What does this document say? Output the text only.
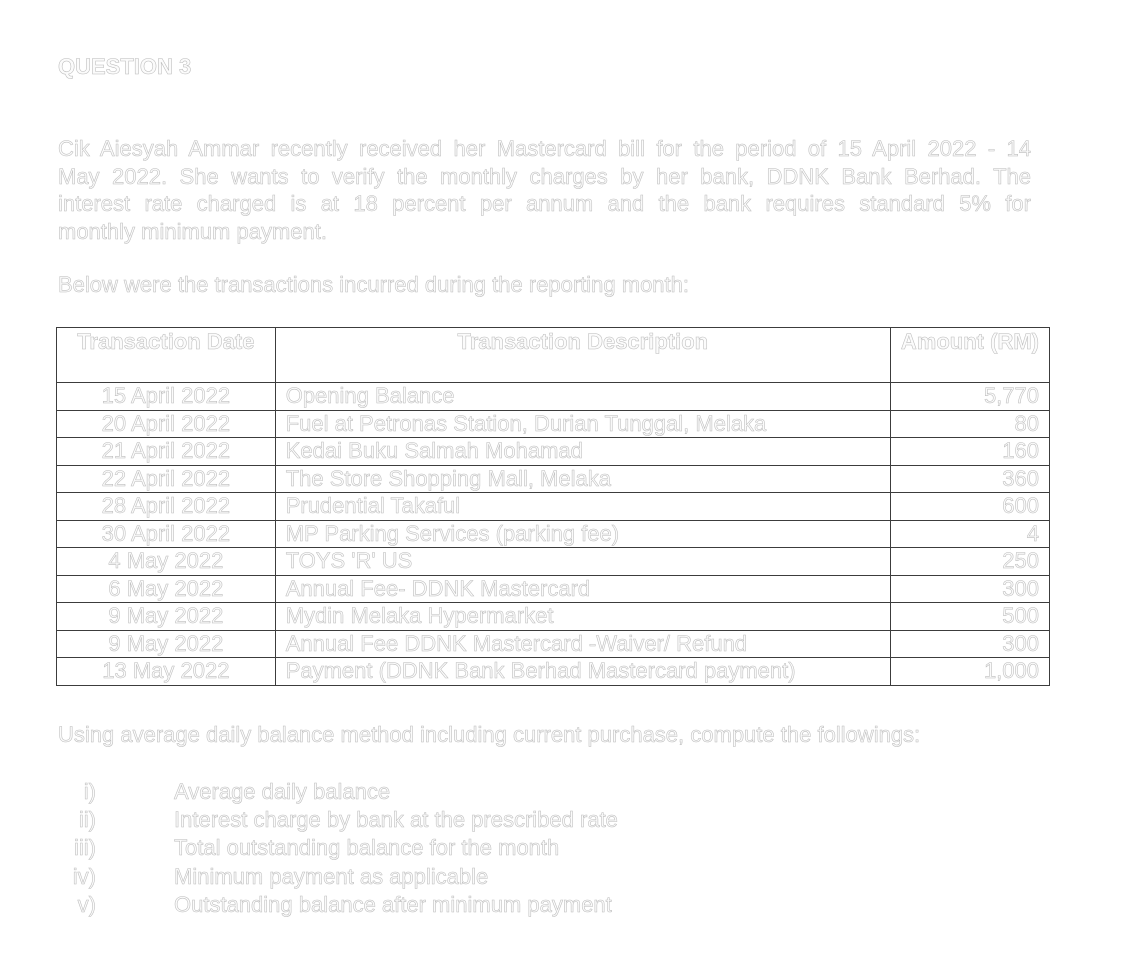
QUESTION 3

Cik Aiesyah Ammar recently received her Mastercard bill for the period of 15 April 2022 - 14
May 2022. She wants to verify the monthly charges by her bank, DDNK Bank Berhad. The
interest rate charged is at 18 percent per annum and the bank requires standard 5% for
monthly minimum payment.

Below were the transactions incurred during the reporting month:
Transaction Date	Transaction Description	Amount (RM)
15 April 2022	Opening Balance	5,770
20 April 2022	Fuel at Petronas Station, Durian Tunggal, Melaka	80
21 April 2022	Kedai Buku Salmah Mohamad	160
22 April 2022	The Store Shopping Mall, Melaka	360
28 April 2022	Prudential Takaful	600
30 April 2022	MP Parking Services (parking fee)	4
4 May 2022	TOYS 'R' US	250
6 May 2022	Annual Fee- DDNK Mastercard	300
9 May 2022	Mydin Melaka Hypermarket	500
9 May 2022	Annual Fee DDNK Mastercard -Waiver/ Refund	300
13 May 2022	Payment (DDNK Bank Berhad Mastercard payment)	1,000
Using average daily balance method including current purchase, compute the followings:
i)	Average daily balance
ii)	Interest charge by bank at the prescribed rate
iii)	Total outstanding balance for the month
iv)	Minimum payment as applicable
v)	Outstanding balance after minimum payment
